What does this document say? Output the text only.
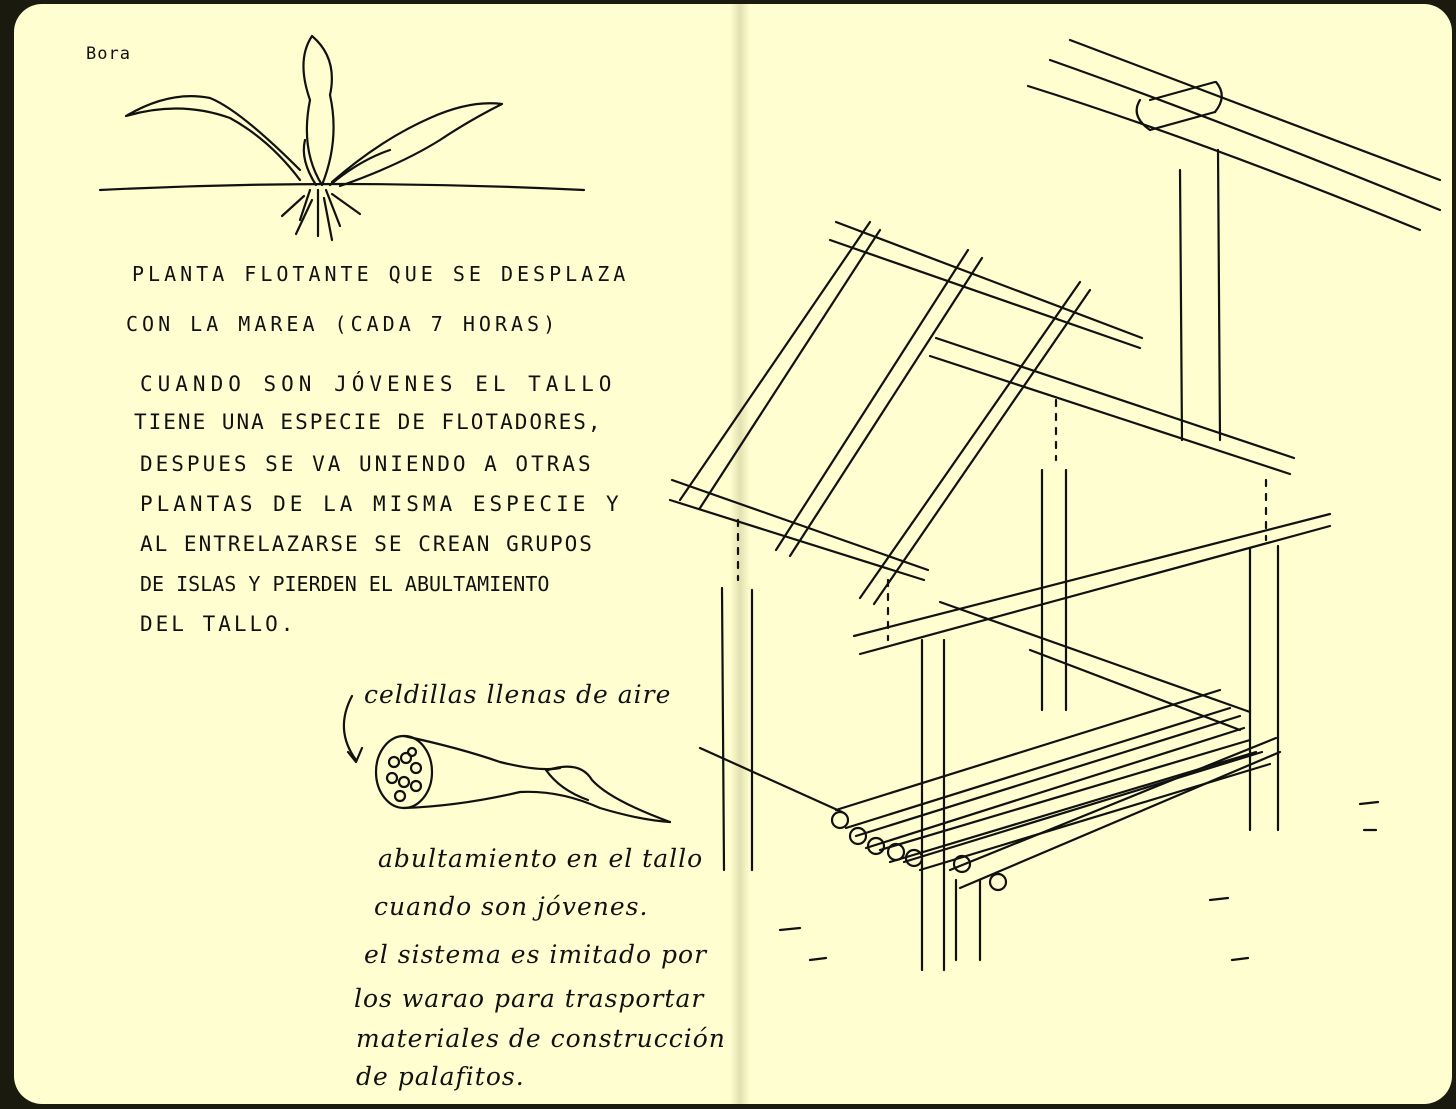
Bora
PLANTA FLOTANTE QUE SE DESPLAZA
CON LA MAREA (CADA 7 HORAS)
CUANDO SON JÓVENES EL TALLO
TIENE UNA ESPECIE DE FLOTADORES,
DESPUES SE VA UNIENDO A OTRAS
PLANTAS DE LA MISMA ESPECIE Y
AL ENTRELAZARSE SE CREAN GRUPOS
DE ISLAS Y PIERDEN EL ABULTAMIENTO
DEL TALLO.
celdillas llenas de aire
abultamiento en el tallo
cuando son jóvenes.
el sistema es imitado por
los warao para trasportar
materiales de construcción
de palafitos.
